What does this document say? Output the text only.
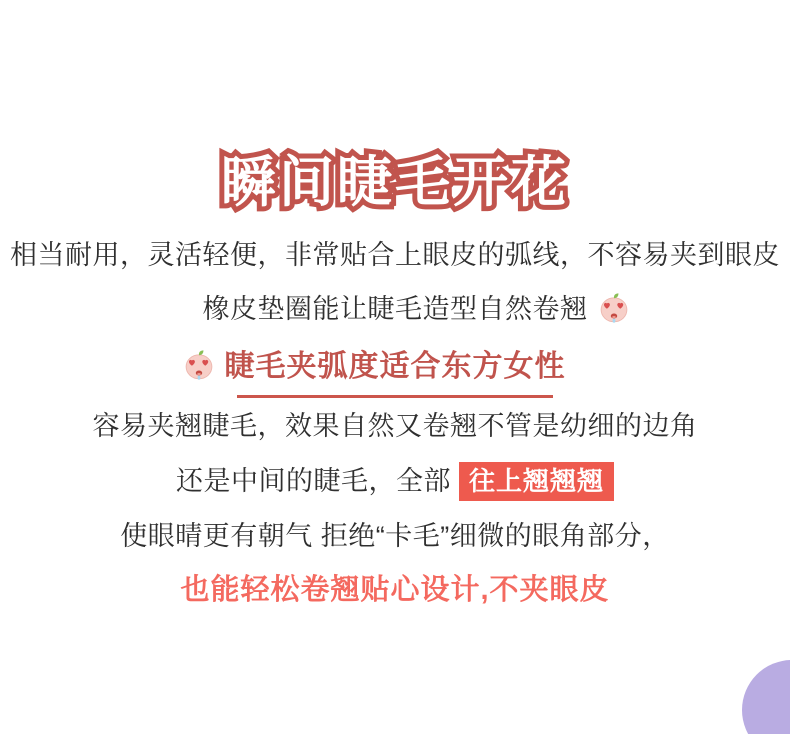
瞬间睫毛开花 瞬间睫毛开花

相当耐用，灵活轻便，非常贴合上眼皮的弧线，不容易夹到眼皮

橡皮垫圈能让睫毛造型自然卷翘
睫毛夹弧度适合东方女性

容易夹翘睫毛，效果自然又卷翘不管是幼细的边角

还是中间的睫毛，全部 往上翘翘翘

使眼晴更有朝气 拒绝“卡毛”细微的眼角部分，

也能轻松卷翘贴心设计,不夹眼皮
